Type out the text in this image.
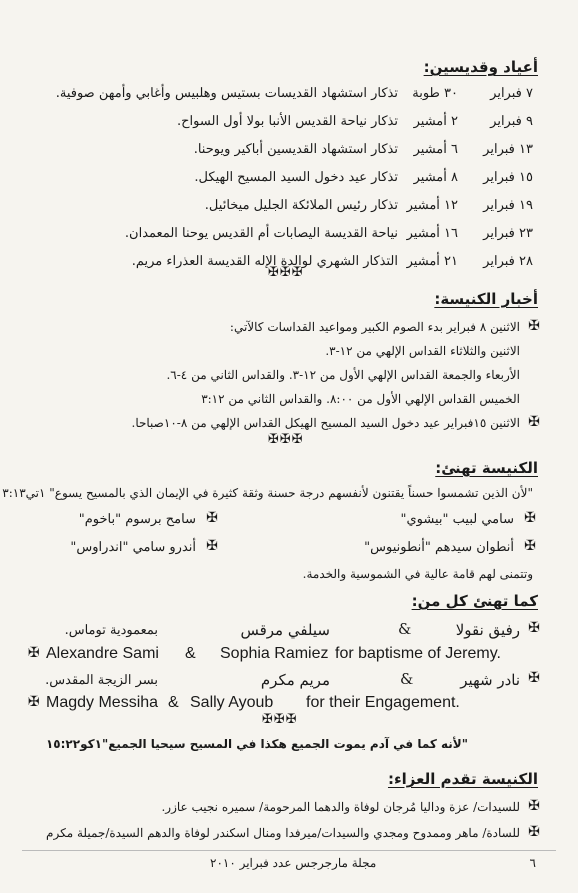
أعياد وقديسين:
٧ فبراير
٣٠ طوبة
تذكار استشهاد القديسات بستيس وهلبيس وأغابي وأمهن صوفية.
٩ فبراير
٢ أمشير
تذكار نياحة القديس الأنبا بولا أول السواح.
١٣ فبراير
٦ أمشير
تذكار استشهاد القديسين أباكير ويوحنا.
١٥ فبراير
٨ أمشير
تذكار عيد دخول السيد المسيح الهيكل.
١٩ فبراير
١٢ أمشير
تذكار رئيس الملائكة الجليل ميخائيل.
٢٣ فبراير
١٦ أمشير
نياحة القديسة اليصابات أم القديس يوحنا المعمدان.
٢٨ فبراير
٢١ أمشير
التذكار الشهري لوالدة الإله القديسة العذراء مريم.
✠✠✠
أخبار الكنيسة:
✠
الاثنين ٨ فبراير بدء الصوم الكبير ومواعيد القداسات كالآتي:
الاثنين والثلاثاء القداس الإلهي من ١٢-٣.
الأربعاء والجمعة القداس الإلهي الأول من ١٢-٣. والقداس الثاني من ٤-٦.
الخميس القداس الإلهي الأول من ٨:٠٠. والقداس الثاني من ٣:١٢
✠
الاثنين ١٥فبراير عيد دخول السيد المسيح الهيكل القداس الإلهي من ٨-١٠صباحا.
✠✠✠
الكنيسة تهنئ:
"لأن الذين تشمسوا حسناً يقتنون لأنفسهم درجة حسنة وثقة كثيرة في الإيمان الذي بالمسيح يسوع" ١تي٣:١٣
✠
سامي لبيب "بيشوي"
✠
سامح برسوم "باخوم"
✠
أنطوان سيدهم "أنطونيوس"
✠
أندرو سامي "اندراوس"
وتتمنى لهم قامة عالية في الشموسية والخدمة.
كما تهنئ كل من:
✠
رفيق نقولا
&
سيلفي مرقس
بمعمودية توماس.
✠ Alexandre Sami & Sophia Ramiez for baptisme of Jeremy.
✠
نادر شهير
&
مريم مكرم
بسر الزيجة المقدس.
✠ Magdy Messiha & Sally Ayoub for their Engagement.
✠✠✠
"لأنه كما في آدم يموت الجميع هكذا في المسيح سيحيا الجميع"١كو١٥:٢٢
الكنيسة تقدم العزاء:
✠
للسيدات/ عزة وداليا مُرجان لوفاة والدهما المرحومة/ سميره نجيب عازر.
✠
للسادة/ ماهر وممدوح ومجدي والسيدات/ميرفدا ومنال اسكندر لوفاة والدهم السيدة/جميلة مكرم
٦
مجلة مارجرجس عدد فبراير ٢٠١٠
